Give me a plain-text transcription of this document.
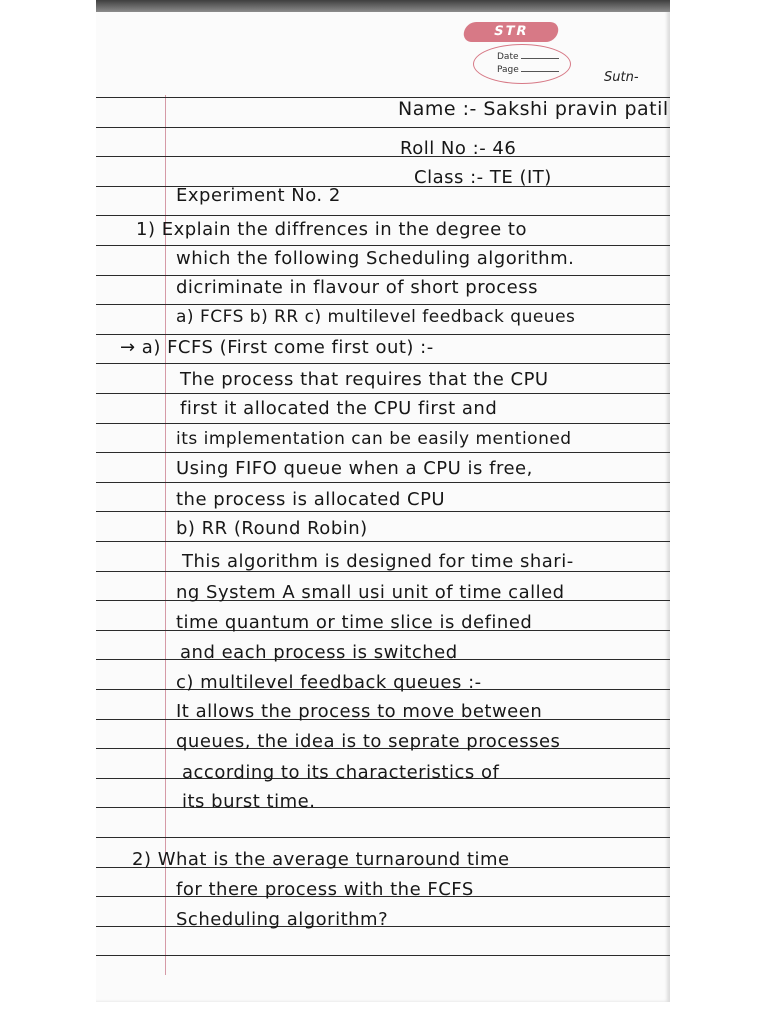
STR
Date
Page	Sutn-
Name :- Sakshi pravin patil
Roll No :- 46
Class :- TE (IT)
Experiment No. 2
1) Explain the diffrences in the degree to
which the following Scheduling algorithm.
dicriminate in flavour of short process
a) FCFS b) RR c) multilevel feedback queues
→ a) FCFS (First come first out) :-
The process that requires that the CPU
first it allocated the CPU first and
its implementation can be easily mentioned
Using FIFO queue when a CPU is free,
the process is allocated CPU
b) RR (Round Robin)
This algorithm is designed for time shari-
ng System A small usi unit of time called
time quantum or time slice is defined
and each process is switched
c) multilevel feedback queues :-
It allows the process to move between
queues, the idea is to seprate processes
according to its characteristics of
its burst time.
2) What is the average turnaround time
for there process with the FCFS
Scheduling algorithm?
